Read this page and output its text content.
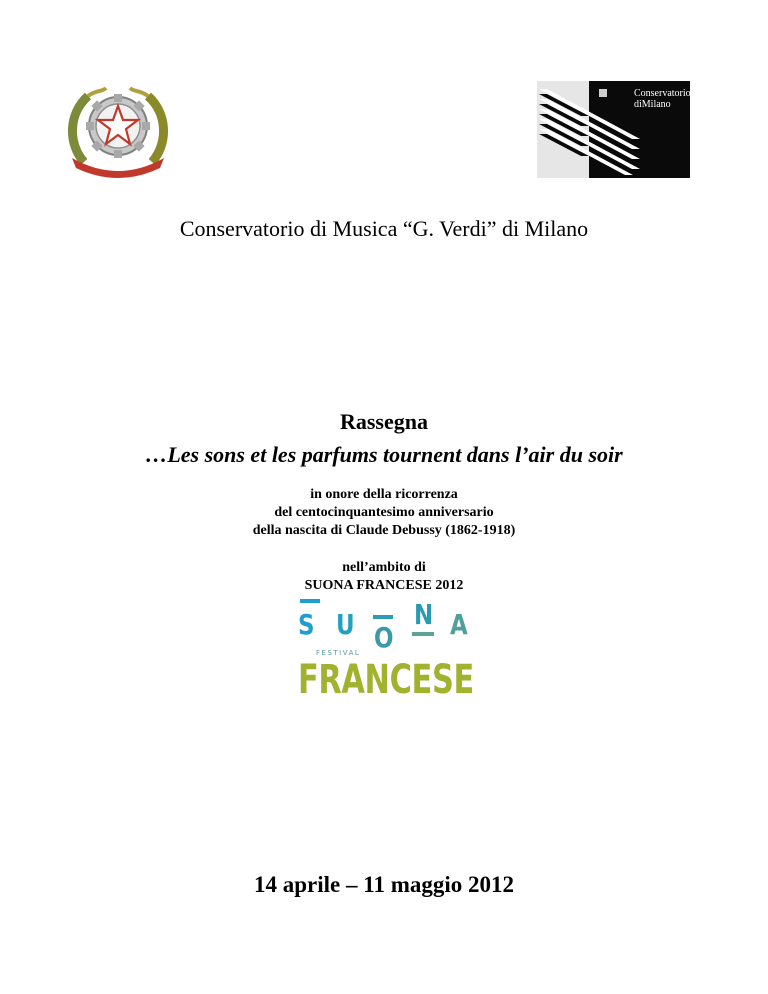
Conservatorio
diMilano
Conservatorio di Musica “G. Verdi” di Milano
Rassegna
…Les sons et les parfums tournent dans l’air du soir
in onore della ricorrenza
del centocinquantesimo anniversario
della nascita di Claude Debussy (1862-1918)
nell’ambito di
SUONA FRANCESE 2012
S U O
N A
FESTIVAL
FRANCESE
14 aprile – 11 maggio 2012
